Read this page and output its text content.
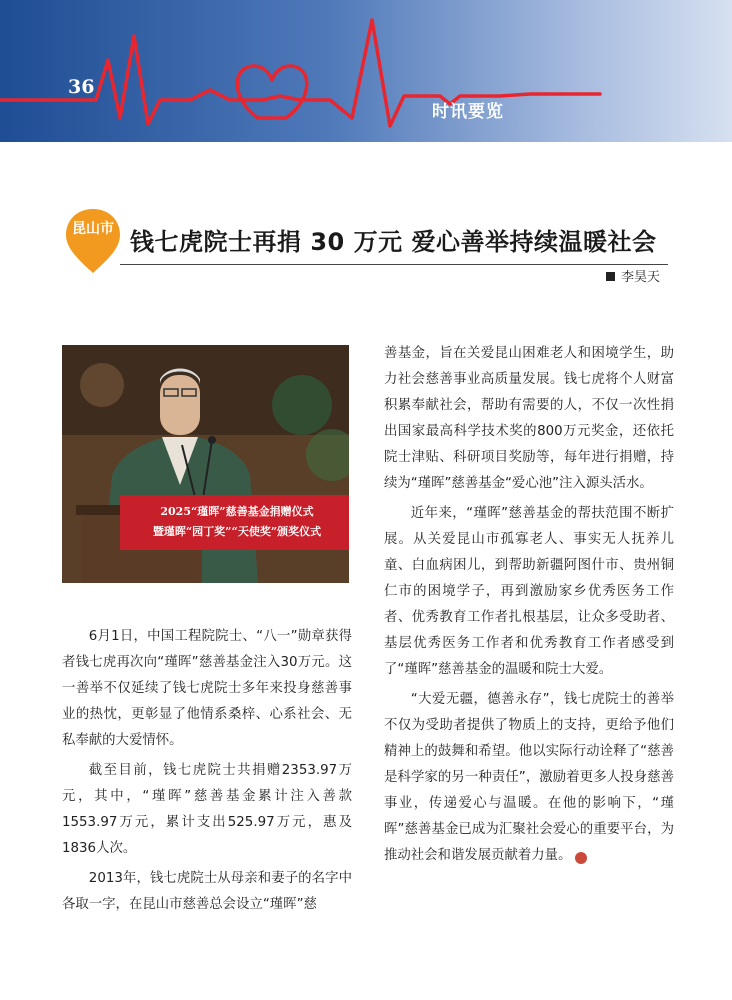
36
时讯要览
昆山市 钱七虎院士再捐 30 万元 爱心善举持续温暖社会
李昊天
2025“瑾晖”慈善基金捐赠仪式
暨瑾晖“园丁奖”“天使奖”颁奖仪式

6月1日，中国工程院院士、“八一”勋章获得者钱七虎再次向“瑾晖”慈善基金注入30万元。这一善举不仅延续了钱七虎院士多年来投身慈善事业的热忱，更彰显了他情系桑梓、心系社会、无私奉献的大爱情怀。

截至目前，钱七虎院士共捐赠2353.97万元，其中，“瑾晖”慈善基金累计注入善款1553.97万元，累计支出525.97万元，惠及1836人次。

2013年，钱七虎院士从母亲和妻子的名字中各取一字，在昆山市慈善总会设立“瑾晖”慈

善基金，旨在关爱昆山困难老人和困境学生，助力社会慈善事业高质量发展。钱七虎将个人财富积累奉献社会，帮助有需要的人，不仅一次性捐出国家最高科学技术奖的800万元奖金，还依托院士津贴、科研项目奖励等，每年进行捐赠，持续为“瑾晖”慈善基金“爱心池”注入源头活水。

近年来，“瑾晖”慈善基金的帮扶范围不断扩展。从关爱昆山市孤寡老人、事实无人抚养儿童、白血病困儿，到帮助新疆阿图什市、贵州铜仁市的困境学子，再到激励家乡优秀医务工作者、优秀教育工作者扎根基层，让众多受助者、基层优秀医务工作者和优秀教育工作者感受到了“瑾晖”慈善基金的温暖和院士大爱。

“大爱无疆，德善永存”，钱七虎院士的善举不仅为受助者提供了物质上的支持，更给予他们精神上的鼓舞和希望。他以实际行动诠释了“慈善是科学家的另一种责任”，激励着更多人投身慈善事业，传递爱心与温暖。在他的影响下，“瑾晖”慈善基金已成为汇聚社会爱心的重要平台，为推动社会和谐发展贡献着力量。	◆
